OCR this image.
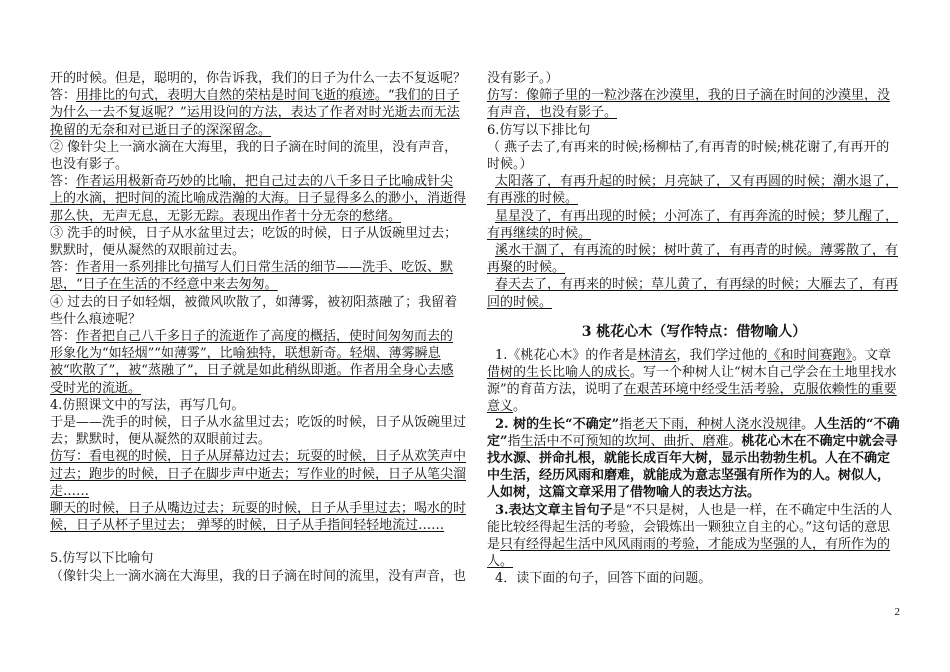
开的时候。但是，聪明的，你告诉我，我们的日子为什么一去不复返呢？

答：用排比的句式，表明大自然的荣枯是时间飞逝的痕迹。“我们的日子为什么一去不复返呢？”运用设问的方法，表达了作者对时光逝去而无法挽留的无奈和对已逝日子的深深留念。

② 像针尖上一滴水滴在大海里，我的日子滴在时间的流里，没有声音，也没有影子。

答：作者运用极新奇巧妙的比喻，把自己过去的八千多日子比喻成针尖上的水滴，把时间的流比喻成浩瀚的大海。日子显得多么的渺小，消逝得那么快，无声无息，无影无踪。表现出作者十分无奈的愁绪。

③ 洗手的时候，日子从水盆里过去；吃饭的时候，日子从饭碗里过去；默默时，便从凝然的双眼前过去。

答：作者用一系列排比句描写人们日常生活的细节——洗手、吃饭、默思，“日子在生活的不经意中来去匆匆。

④ 过去的日子如轻烟，被微风吹散了，如薄雾，被初阳蒸融了；我留着些什么痕迹呢？

答：作者把自己八千多日子的流逝作了高度的概括，使时间匆匆而去的形象化为“如轻烟”“如薄雾”，比喻独特，联想新奇。轻烟、薄雾瞬息被“吹散了”，被“蒸融了”，日子就是如此稍纵即逝。作者用全身心去感受时光的流逝。

4.仿照课文中的写法，再写几句。

于是——洗手的时候，日子从水盆里过去；吃饭的时候，日子从饭碗里过去；默默时，便从凝然的双眼前过去。

仿写：看电视的时候，日子从屏幕边过去；玩耍的时候，日子从欢笑声中过去；跑步的时候，日子在脚步声中逝去；写作业的时候，日子从笔尖溜走……

聊天的时候，日子从嘴边过去；玩耍的时候，日子从手里过去；喝水的时候，日子从杯子里过去； 弹琴的时候，日子从手指间轻轻地流过……

5.仿写以下比喻句

（像针尖上一滴水滴在大海里，我的日子滴在时间的流里，没有声音，也

没有影子。）

仿写：像筛子里的一粒沙落在沙漠里，我的日子滴在时间的沙漠里，没有声音，也没有影子。

6.仿写以下排比句

（ 燕子去了,有再来的时候;杨柳枯了,有再青的时候;桃花谢了,有再开的时候。）

太阳落了，有再升起的时候；月亮缺了，又有再圆的时候；潮水退了，有再涨的时候。

星星没了，有再出现的时候；小河冻了，有再奔流的时候；梦儿醒了，有再继续的时候。

溪水干涸了，有再流的时候；树叶黄了，有再青的时候。薄雾散了，有再聚的时候。

春天去了，有再来的时候；草儿黄了，有再绿的时候；大雁去了，有再回的时候。

3 桃花心木（写作特点：借物喻人）

1.《桃花心木》的作者是林清玄，我们学过他的《和时间赛跑》。文章借树的生长比喻人的成长。写一个种树人让“树木自己学会在土地里找水源”的育苗方法，说明了在艰苦环境中经受生活考验，克服依赖性的重要意义。

2. 树的生长“不确定”指老天下雨，种树人浇水没规律。人生活的“不确定”指生活中不可预知的坎坷、曲折、磨难。桃花心木在不确定中就会寻找水源、拼命扎根，就能长成百年大树，显示出勃勃生机。人在不确定中生活，经历风雨和磨难，就能成为意志坚强有所作为的人。树似人，人如树，这篇文章采用了借物喻人的表达方法。

3.表达文章主旨句子是“不只是树，人也是一样，在不确定中生活的人能比较经得起生活的考验，会锻炼出一颗独立自主的心。”这句话的意思是只有经得起生活中风风雨雨的考验，才能成为坚强的人，有所作为的人。

4．读下面的句子，回答下面的问题。

2
